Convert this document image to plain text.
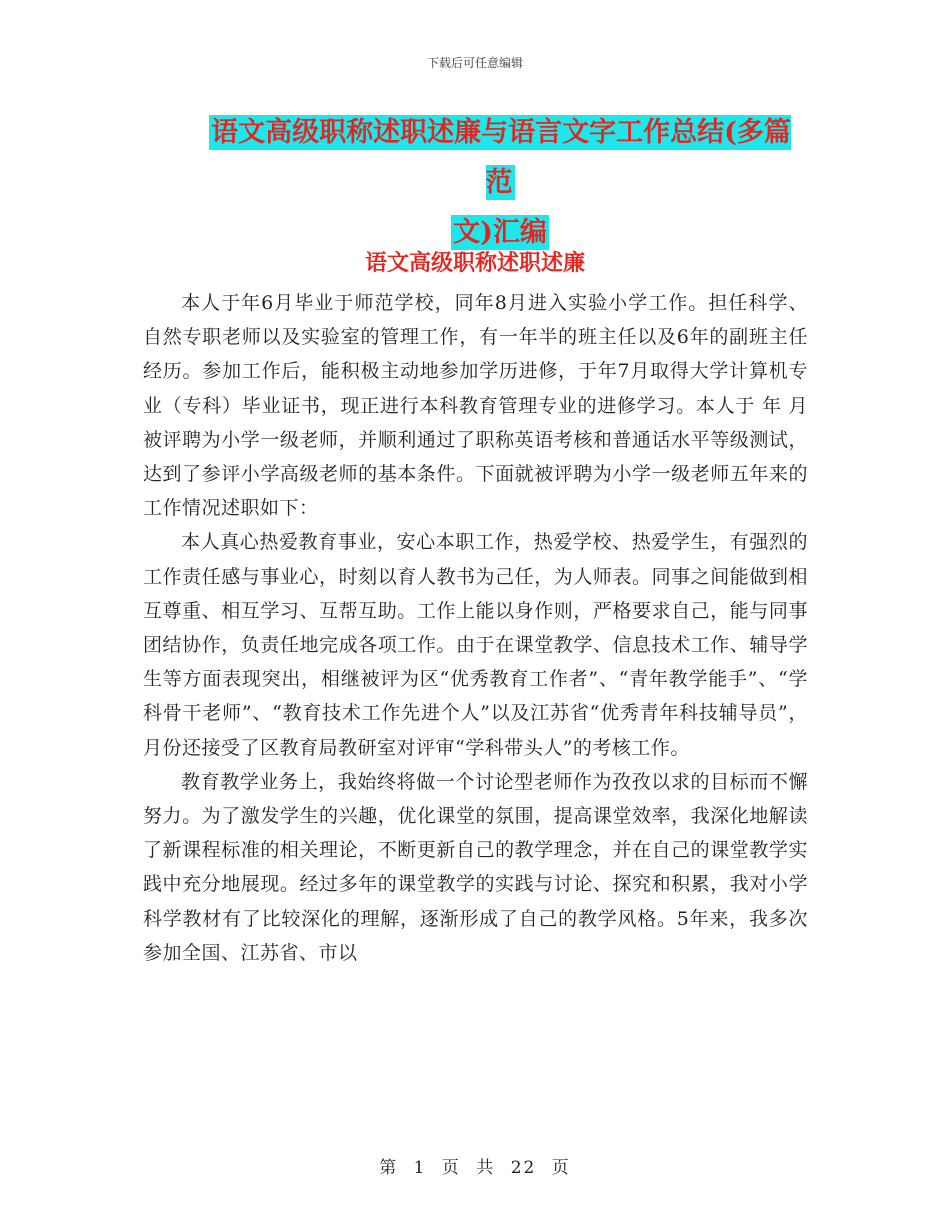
下载后可任意编辑
语文高级职称述职述廉与语言文字工作总结(多篇范
文)汇编
语文高级职称述职述廉

本人于年6月毕业于师范学校，同年8月进入实验小学工作。担任科学、自然专职老师以及实验室的管理工作，有一年半的班主任以及6年的副班主任经历。参加工作后，能积极主动地参加学历进修，于年7月取得大学计算机专业（专科）毕业证书，现正进行本科教育管理专业的进修学习。本人于 年 月被评聘为小学一级老师，并顺利通过了职称英语考核和普通话水平等级测试，达到了参评小学高级老师的基本条件。下面就被评聘为小学一级老师五年来的工作情况述职如下：

本人真心热爱教育事业，安心本职工作，热爱学校、热爱学生，有强烈的工作责任感与事业心，时刻以育人教书为己任，为人师表。同事之间能做到相互尊重、相互学习、互帮互助。工作上能以身作则，严格要求自己，能与同事团结协作，负责任地完成各项工作。由于在课堂教学、信息技术工作、辅导学生等方面表现突出，相继被评为区“优秀教育工作者”、“青年教学能手”、“学科骨干老师”、“教育技术工作先进个人”以及江苏省“优秀青年科技辅导员”， 月份还接受了区教育局教研室对评审“学科带头人”的考核工作。

教育教学业务上，我始终将做一个讨论型老师作为孜孜以求的目标而不懈努力。为了激发学生的兴趣，优化课堂的氛围，提高课堂效率，我深化地解读了新课程标准的相关理论，不断更新自己的教学理念，并在自己的课堂教学实践中充分地展现。经过多年的课堂教学的实践与讨论、探究和积累，我对小学科学教材有了比较深化的理解，逐渐形成了自己的教学风格。5年来，我多次参加全国、江苏省、市以

第 1 页 共 22 页
